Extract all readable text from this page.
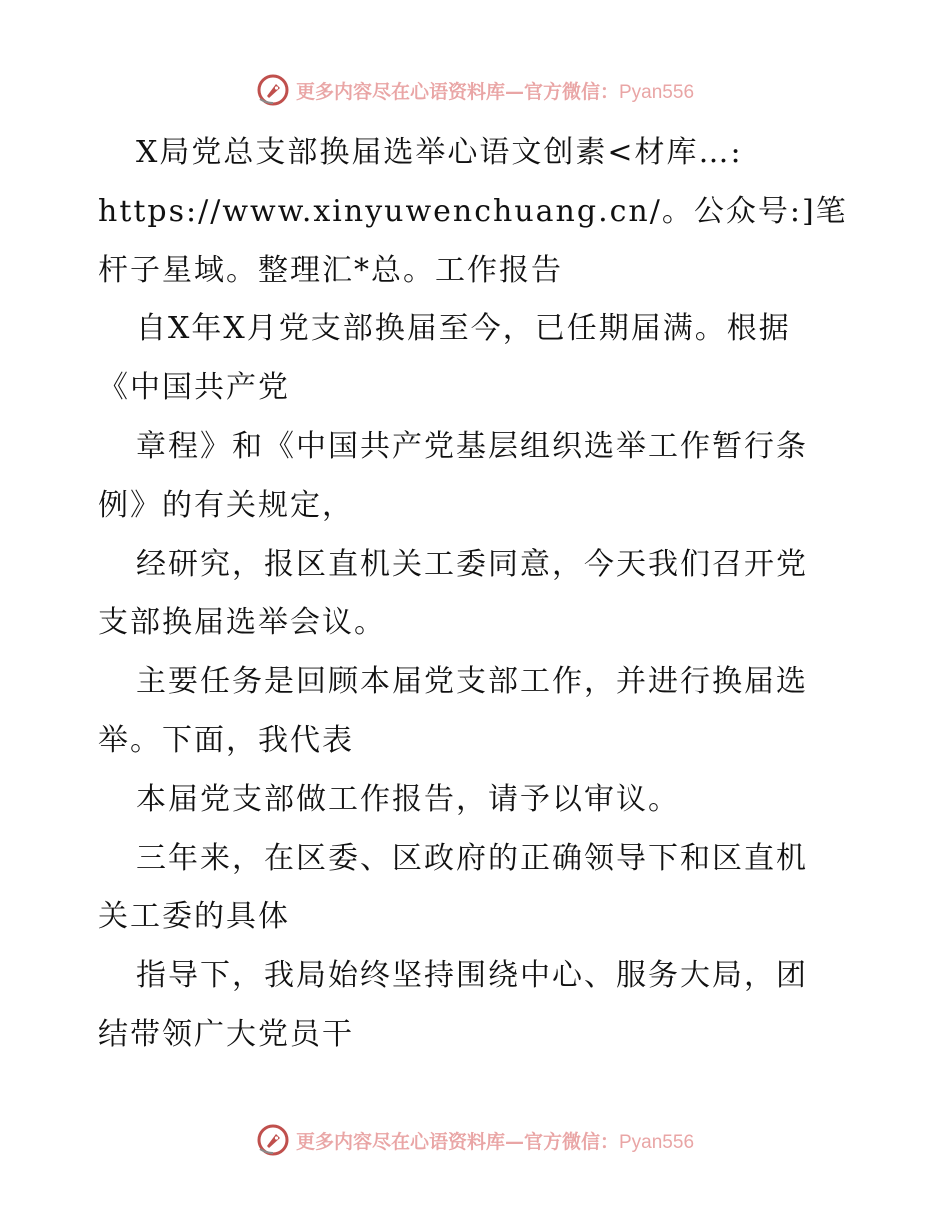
更多内容尽在心语资料库—官方微信：Pyan556
X局党总支部换届选举心语文创素<材库…:
https://www.xinyuwenchuang.cn/。公众号:]笔
杆子星域。整理汇*总。工作报告
自X年X月党支部换届至今，已任期届满。根据
《中国共产党
章程》和《中国共产党基层组织选举工作暂行条
例》的有关规定，
经研究，报区直机关工委同意，今天我们召开党
支部换届选举会议。
主要任务是回顾本届党支部工作，并进行换届选
举。下面，我代表
本届党支部做工作报告，请予以审议。
三年来，在区委、区政府的正确领导下和区直机
关工委的具体
指导下，我局始终坚持围绕中心、服务大局，团
结带领广大党员干
更多内容尽在心语资料库—官方微信：Pyan556
